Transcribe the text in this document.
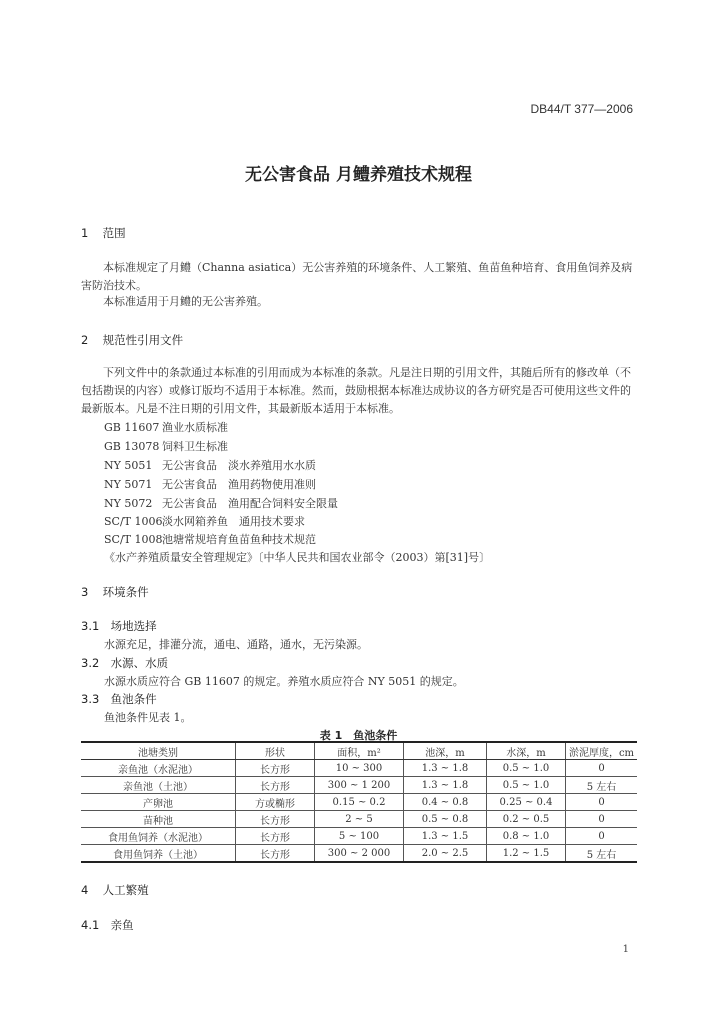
DB44/T 377—2006
无公害食品 月鳢养殖技术规程
1 范围
本标准规定了月鳢（Channa asiatica）无公害养殖的环境条件、人工繁殖、鱼苗鱼种培育、食用鱼饲养及病害防治技术。
本标准适用于月鳢的无公害养殖。
2 规范性引用文件
下列文件中的条款通过本标准的引用而成为本标准的条款。凡是注日期的引用文件，其随后所有的修改单（不包括勘误的内容）或修订版均不适用于本标准。然而，鼓励根据本标准达成协议的各方研究是否可使用这些文件的最新版本。凡是不注日期的引用文件，其最新版本适用于本标准。
GB 11607 渔业水质标准
GB 13078 饲料卫生标准
NY 5051 无公害食品　淡水养殖用水水质
NY 5071 无公害食品　渔用药物使用准则
NY 5072 无公害食品　渔用配合饲料安全限量
SC/T 1006淡水网箱养鱼　通用技术要求
SC/T 1008池塘常规培育鱼苗鱼种技术规范
《水产养殖质量安全管理规定》〔中华人民共和国农业部令（2003）第[31]号〕
3 环境条件
3.1 场地选择
水源充足，排灌分流，通电、通路，通水，无污染源。
3.2 水源、水质
水源水质应符合 GB 11607 的规定。养殖水质应符合 NY 5051 的规定。
3.3 鱼池条件
鱼池条件见表 1。
表 1　鱼池条件
池塘类别	形状	面积，m²	池深，m	水深，m	淤泥厚度，cm
亲鱼池（水泥池）	长方形	10 ~ 300	1.3 ~ 1.8	0.5 ~ 1.0	0
亲鱼池（土池）	长方形	300 ~ 1 200	1.3 ~ 1.8	0.5 ~ 1.0	5 左右
产卵池	方或椭形	0.15 ~ 0.2	0.4 ~ 0.8	0.25 ~ 0.4	0
苗种池	长方形	2 ~ 5	0.5 ~ 0.8	0.2 ~ 0.5	0
食用鱼饲养（水泥池）	长方形	5 ~ 100	1.3 ~ 1.5	0.8 ~ 1.0	0
食用鱼饲养（土池）	长方形	300 ~ 2 000	2.0 ~ 2.5	1.2 ~ 1.5	5 左右
4 人工繁殖
4.1 亲鱼
1
